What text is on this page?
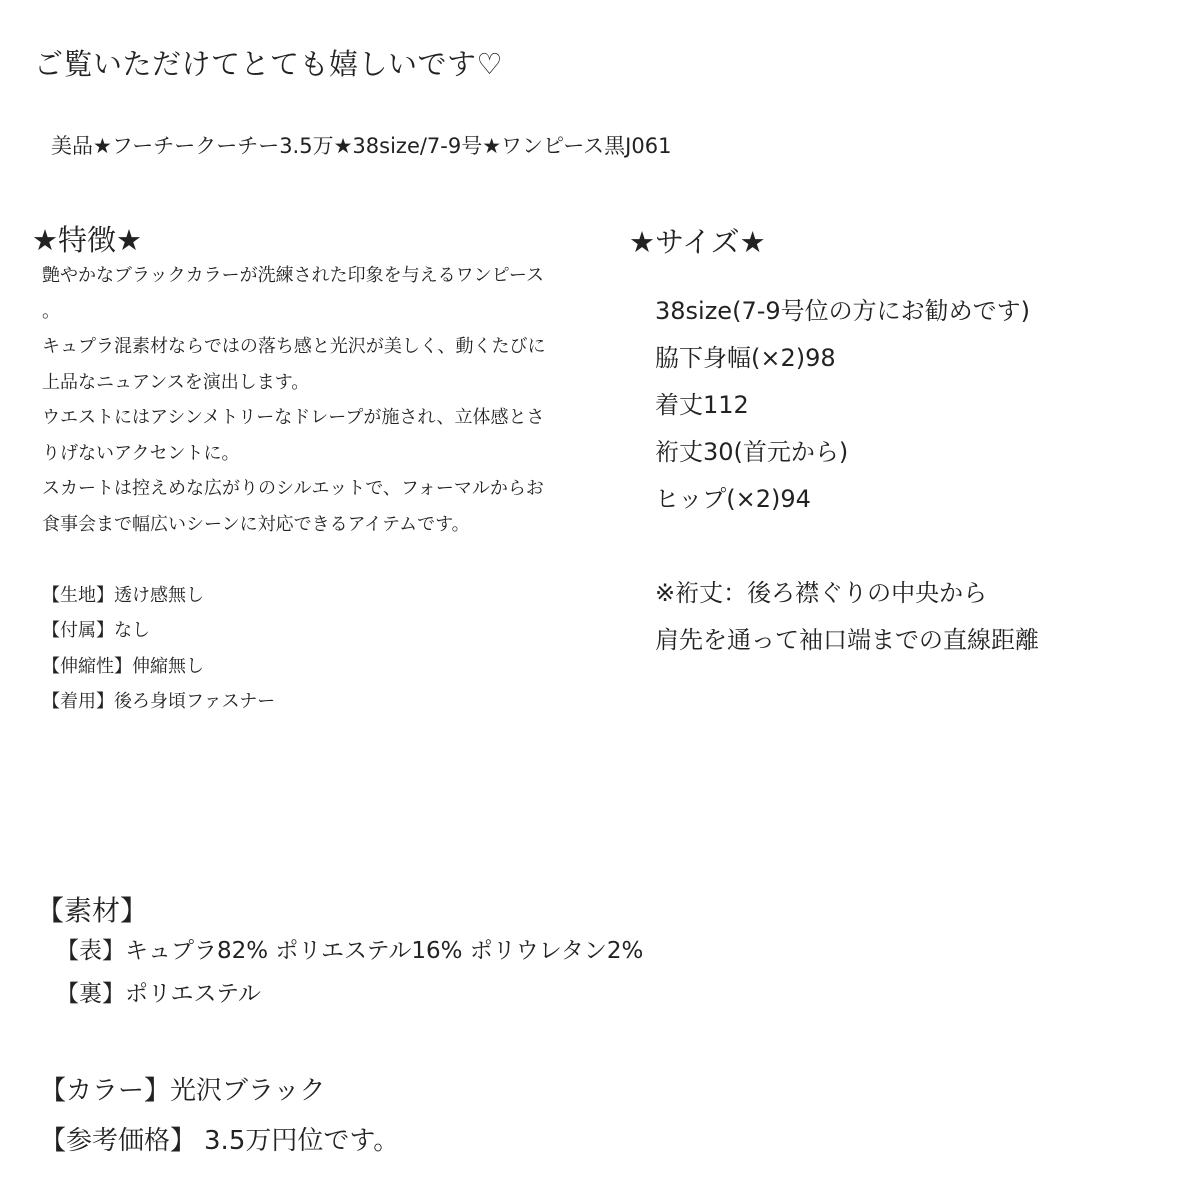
ご覧いただけてとても嬉しいです♡
美品★フーチークーチー3.5万★38size/7-9号★ワンピース黒J061
★特徴★
艶やかなブラックカラーが洗練された印象を与えるワンピース
。
キュプラ混素材ならではの落ち感と光沢が美しく、動くたびに
上品なニュアンスを演出します。
ウエストにはアシンメトリーなドレープが施され、立体感とさ
りげないアクセントに。
スカートは控えめな広がりのシルエットで、フォーマルからお
食事会まで幅広いシーンに対応できるアイテムです。
【生地】透け感無し
【付属】なし
【伸縮性】伸縮無し
【着用】後ろ身頃ファスナー
★サイズ★
38size(7-9号位の方にお勧めです)
脇下身幅(×2)98
着丈112
裄丈30(首元から)
ヒップ(×2)94
※裄丈：後ろ襟ぐりの中央から
肩先を通って袖口端までの直線距離
【素材】
【表】キュプラ82% ポリエステル16% ポリウレタン2%
【裏】ポリエステル
【カラー】光沢ブラック
【参考価格】 3.5万円位です。
